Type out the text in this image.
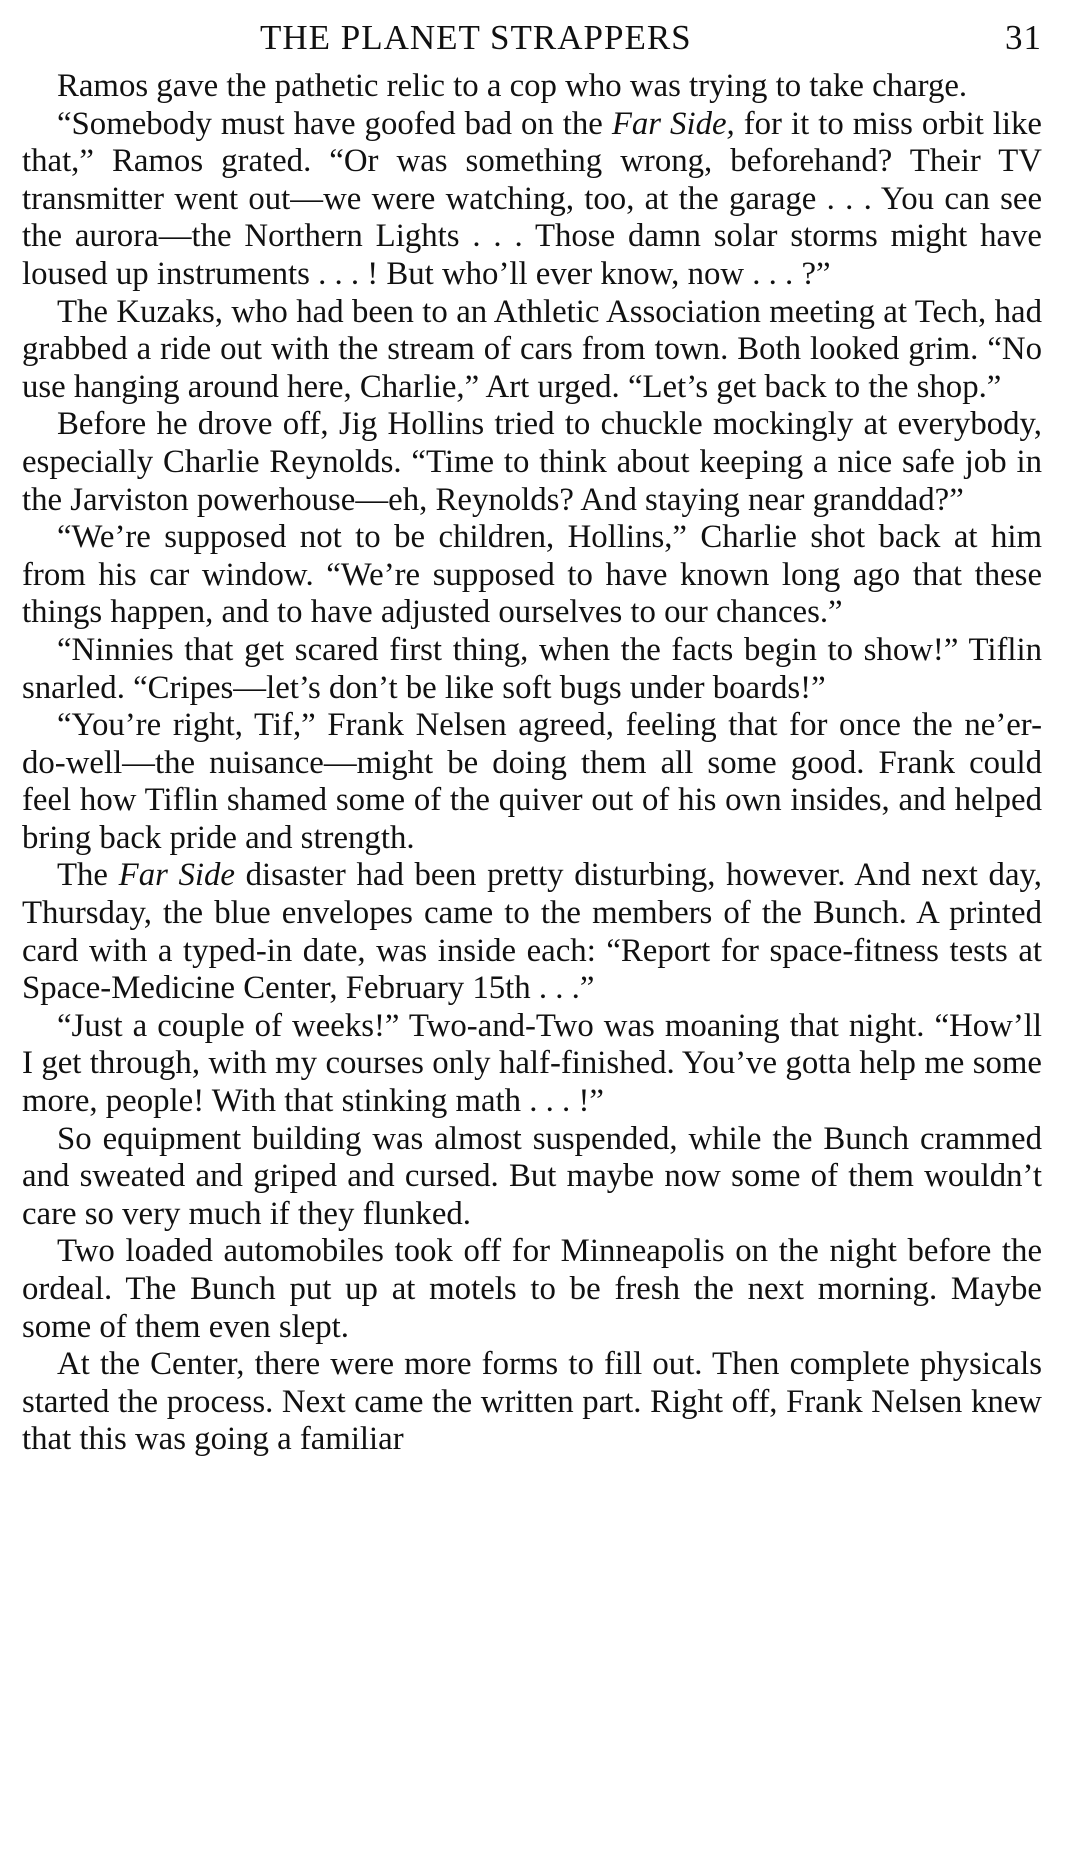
THE PLANET STRAPPERS	31

Ramos gave the pathetic relic to a cop who was trying to take charge.

“Somebody must have goofed bad on the Far Side, for it to miss orbit like that,” Ramos grated. “Or was something wrong, beforehand? Their TV transmitter went out—we were watching, too, at the garage . . . You can see the aurora—the Northern Lights . . . Those damn solar storms might have loused up instruments . . . ! But who’ll ever know, now . . . ?”

The Kuzaks, who had been to an Athletic Association meeting at Tech, had grabbed a ride out with the stream of cars from town. Both looked grim. “No use hanging around here, Charlie,” Art urged. “Let’s get back to the shop.”

Before he drove off, Jig Hollins tried to chuckle mockingly at everybody, especially Charlie Reynolds. “Time to think about keeping a nice safe job in the Jarviston powerhouse—eh, Reynolds? And staying near granddad?”

“We’re supposed not to be children, Hollins,” Charlie shot back at him from his car window. “We’re supposed to have known long ago that these things happen, and to have adjusted ourselves to our chances.”

“Ninnies that get scared first thing, when the facts begin to show!” Tiflin snarled. “Cripes—let’s don’t be like soft bugs under boards!”

“You’re right, Tif,” Frank Nelsen agreed, feeling that for once the ne’er-do-well—the nuisance—might be doing them all some good. Frank could feel how Tiflin shamed some of the quiver out of his own insides, and helped bring back pride and strength.

The Far Side disaster had been pretty disturbing, however. And next day, Thursday, the blue envelopes came to the members of the Bunch. A printed card with a typed-in date, was inside each: “Report for space-fitness tests at Space-Medicine Center, February 15th . . .”

“Just a couple of weeks!” Two-and-Two was moaning that night. “How’ll I get through, with my courses only half-finished. You’ve gotta help me some more, people! With that stinking math . . . !”

So equipment building was almost suspended, while the Bunch crammed and sweated and griped and cursed. But maybe now some of them wouldn’t care so very much if they flunked.

Two loaded automobiles took off for Minneapolis on the night before the ordeal. The Bunch put up at motels to be fresh the next morning. Maybe some of them even slept.

At the Center, there were more forms to fill out. Then complete physicals started the process. Next came the written part. Right off, Frank Nelsen knew that this was going a familiar
